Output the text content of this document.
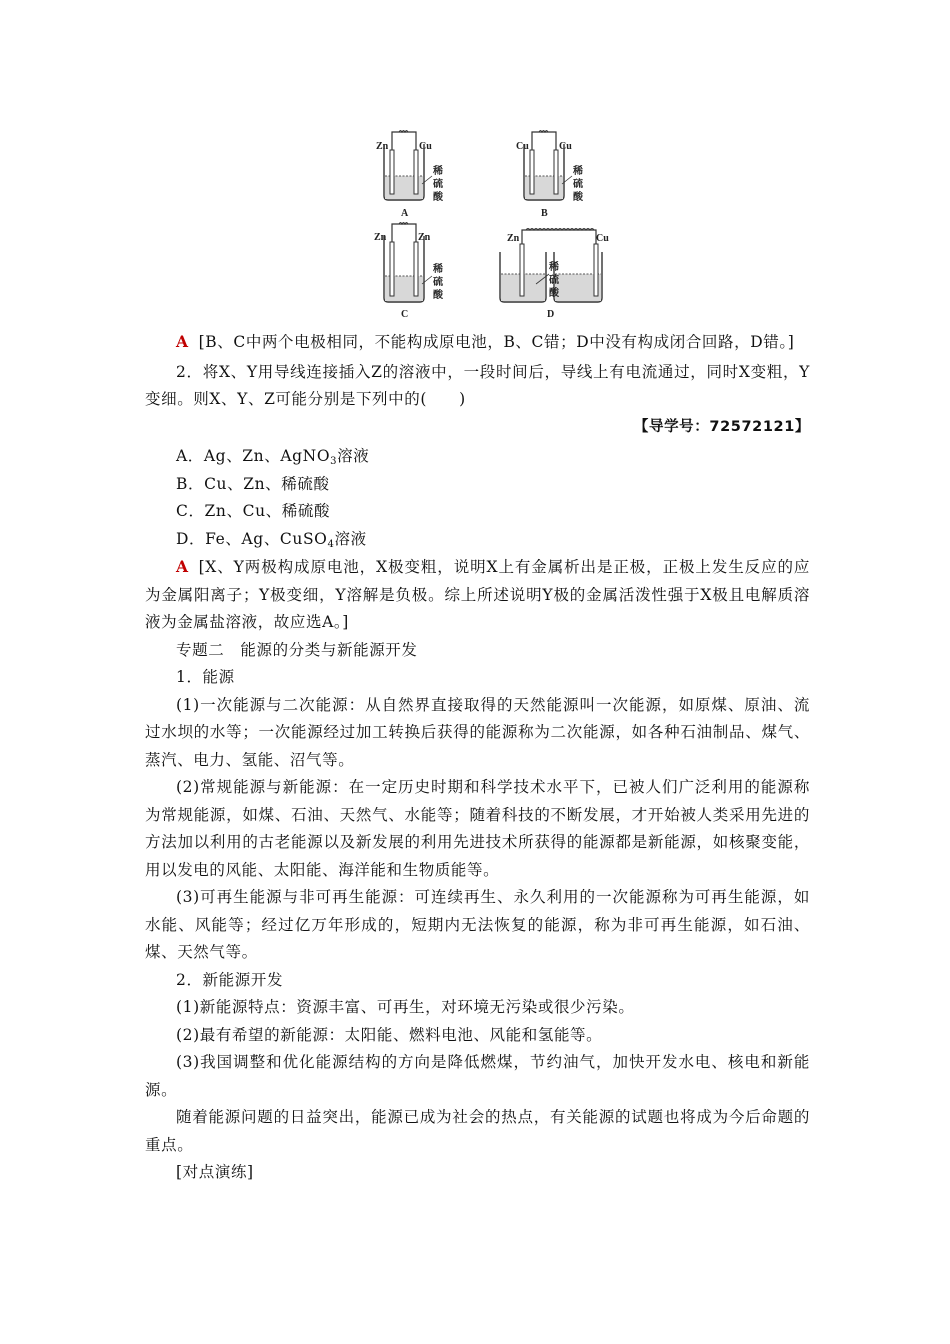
Zn	Cu
稀
硫
酸
A
Cu	Cu
稀
硫
酸
B
Zn	Zn
稀
硫
酸
C
Zn	Cu
稀
硫
酸
D

A [B、C中两个电极相同，不能构成原电池，B、C错；D中没有构成闭合回路，D错。]

2．将X、Y用导线连接插入Z的溶液中，一段时间后，导线上有电流通过，同时X变粗，Y变细。则X、Y、Z可能分别是下列中的(　　)

【导学号：72572121】

A．Ag、Zn、AgNO$_3$溶液

B．Cu、Zn、稀硫酸

C．Zn、Cu、稀硫酸

D．Fe、Ag、CuSO$_4$溶液

A [X、Y两极构成原电池，X极变粗，说明X上有金属析出是正极，正极上发生反应的应为金属阳离子；Y极变细，Y溶解是负极。综上所述说明Y极的金属活泼性强于X极且电解质溶液为金属盐溶液，故应选A。]

专题二　能源的分类与新能源开发

1．能源

(1)一次能源与二次能源：从自然界直接取得的天然能源叫一次能源，如原煤、原油、流过水坝的水等；一次能源经过加工转换后获得的能源称为二次能源，如各种石油制品、煤气、蒸汽、电力、氢能、沼气等。

(2)常规能源与新能源：在一定历史时期和科学技术水平下，已被人们广泛利用的能源称为常规能源，如煤、石油、天然气、水能等；随着科技的不断发展，才开始被人类采用先进的方法加以利用的古老能源以及新发展的利用先进技术所获得的能源都是新能源，如核聚变能，用以发电的风能、太阳能、海洋能和生物质能等。

(3)可再生能源与非可再生能源：可连续再生、永久利用的一次能源称为可再生能源，如水能、风能等；经过亿万年形成的，短期内无法恢复的能源，称为非可再生能源，如石油、煤、天然气等。

2．新能源开发

(1)新能源特点：资源丰富、可再生，对环境无污染或很少污染。

(2)最有希望的新能源：太阳能、燃料电池、风能和氢能等。

(3)我国调整和优化能源结构的方向是降低燃煤，节约油气，加快开发水电、核电和新能源。

随着能源问题的日益突出，能源已成为社会的热点，有关能源的试题也将成为今后命题的重点。

[对点演练]
